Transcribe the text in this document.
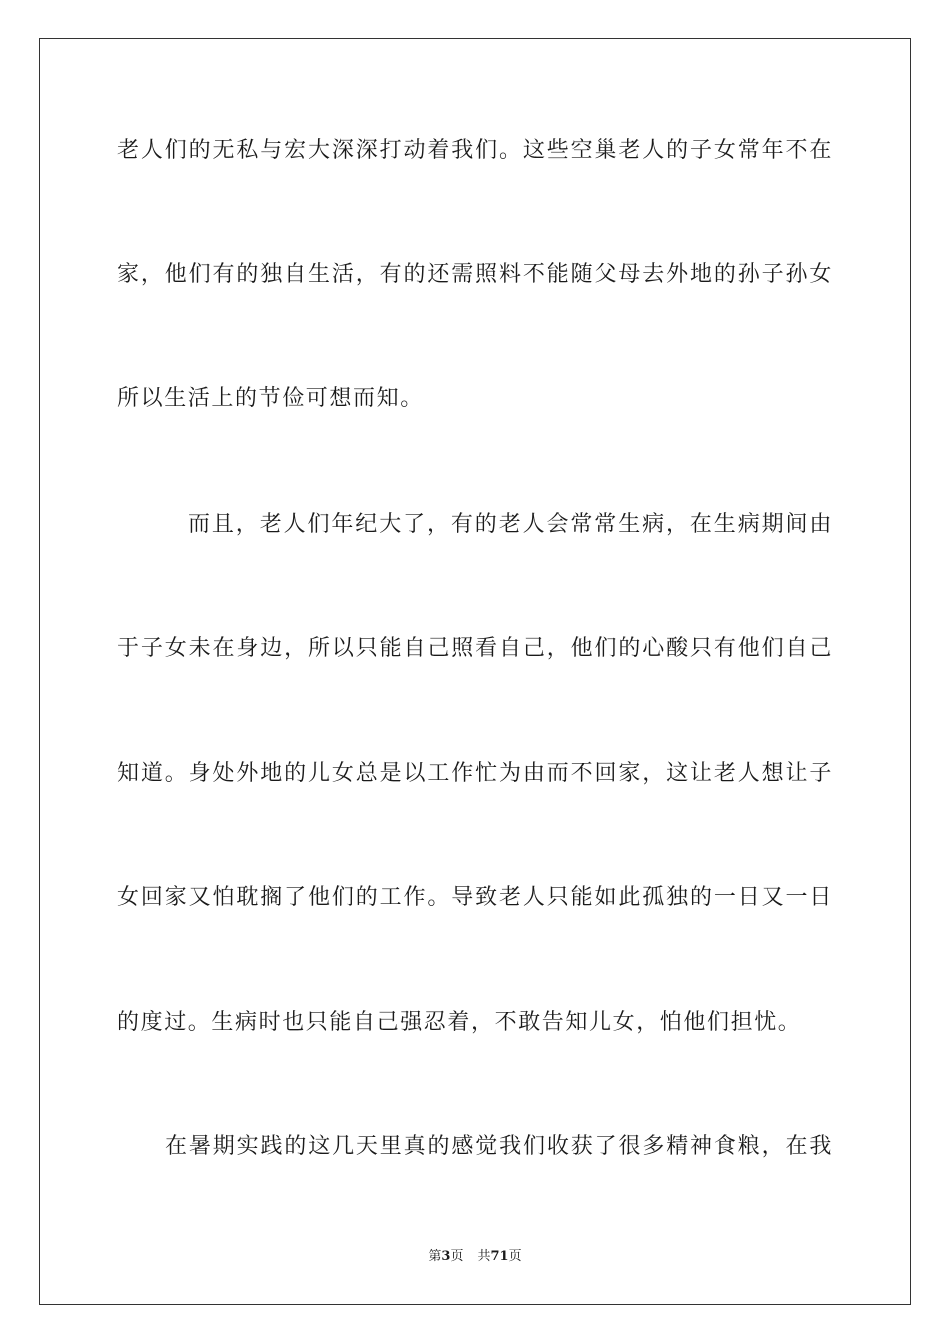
老人们的无私与宏大深深打动着我们。这些空巢老人的子女常年不在
家，他们有的独自生活，有的还需照料不能随父母去外地的孙子孙女
所以生活上的节俭可想而知。
而且，老人们年纪大了，有的老人会常常生病，在生病期间由
于子女未在身边，所以只能自己照看自己，他们的心酸只有他们自己
知道。身处外地的儿女总是以工作忙为由而不回家，这让老人想让子
女回家又怕耽搁了他们的工作。导致老人只能如此孤独的一日又一日
的度过。生病时也只能自己强忍着，不敢告知儿女，怕他们担忧。
在暑期实践的这几天里真的感觉我们收获了很多精神食粮，在我
第3页 共71页
